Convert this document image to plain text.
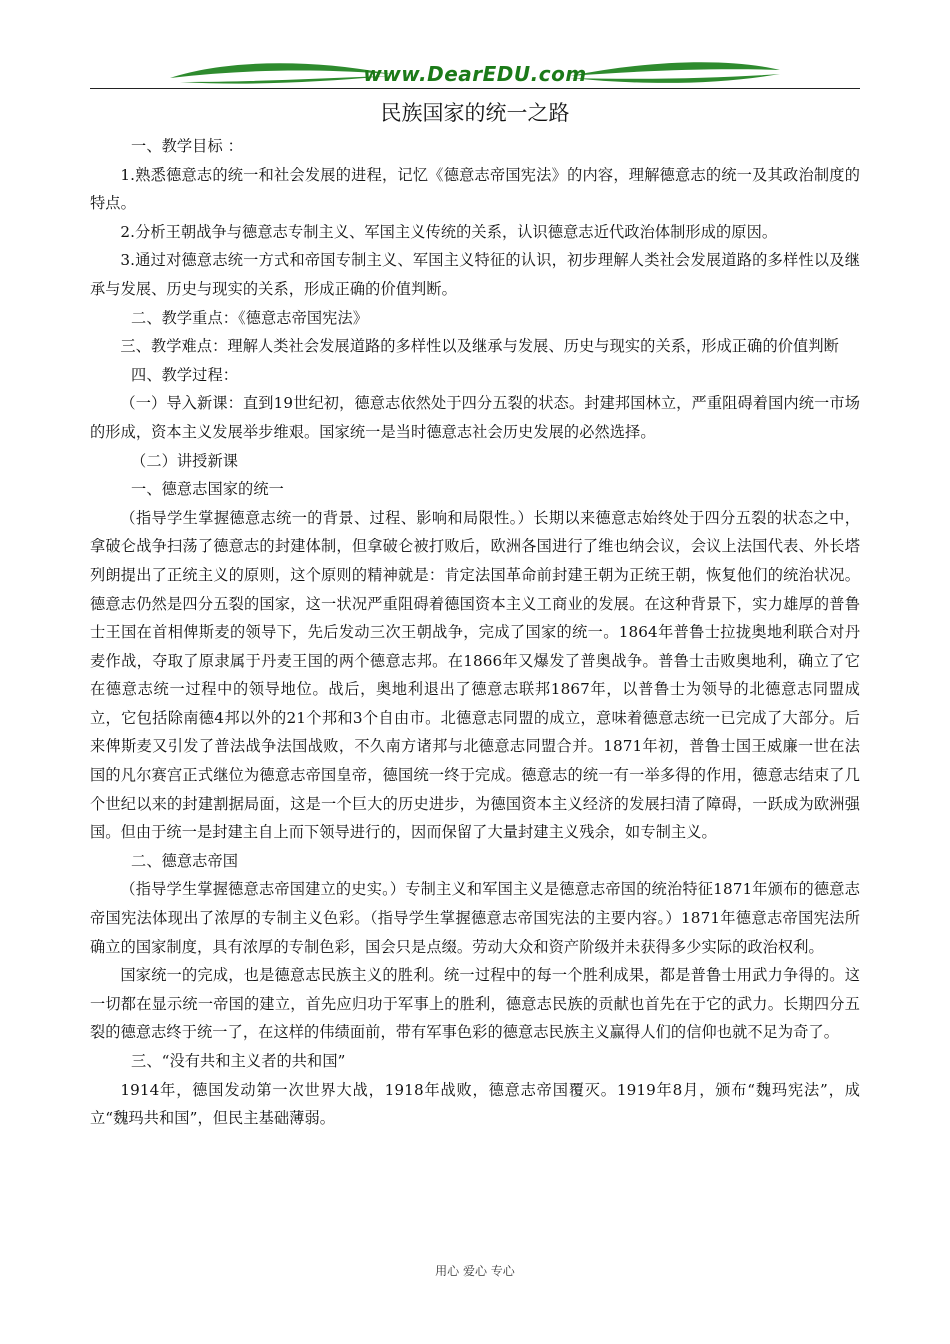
www.DearEDU.com
民族国家的统一之路

一、教学目标 ：

1.熟悉德意志的统一和社会发展的进程，记忆《德意志帝国宪法》的内容，理解德意志的统一及其政治制度的特点。

2.分析王朝战争与德意志专制主义、军国主义传统的关系，认识德意志近代政治体制形成的原因。

3.通过对德意志统一方式和帝国专制主义、军国主义特征的认识，初步理解人类社会发展道路的多样性以及继承与发展、历史与现实的关系，形成正确的价值判断。

二、教学重点：《德意志帝国宪法》

三、教学难点：理解人类社会发展道路的多样性以及继承与发展、历史与现实的关系，形成正确的价值判断

四、教学过程：

（一）导入新课：直到19世纪初，德意志依然处于四分五裂的状态。封建邦国林立，严重阻碍着国内统一市场的形成，资本主义发展举步维艰。国家统一是当时德意志社会历史发展的必然选择。

（二）讲授新课

一、德意志国家的统一

（指导学生掌握德意志统一的背景、过程、影响和局限性。）长期以来德意志始终处于四分五裂的状态之中，拿破仑战争扫荡了德意志的封建体制，但拿破仑被打败后，欧洲各国进行了维也纳会议，会议上法国代表、外长塔列朗提出了正统主义的原则，这个原则的精神就是：肯定法国革命前封建王朝为正统王朝，恢复他们的统治状况。德意志仍然是四分五裂的国家，这一状况严重阻碍着德国资本主义工商业的发展。在这种背景下，实力雄厚的普鲁士王国在首相俾斯麦的领导下，先后发动三次王朝战争，完成了国家的统一。1864年普鲁士拉拢奥地利联合对丹麦作战，夺取了原隶属于丹麦王国的两个德意志邦。在1866年又爆发了普奥战争。普鲁士击败奥地利，确立了它在德意志统一过程中的领导地位。战后，奥地利退出了德意志联邦1867年，以普鲁士为领导的北德意志同盟成立，它包括除南德4邦以外的21个邦和3个自由市。北德意志同盟的成立，意味着德意志统一已完成了大部分。后来俾斯麦又引发了普法战争法国战败，不久南方诸邦与北德意志同盟合并。1871年初，普鲁士国王威廉一世在法国的凡尔赛宫正式继位为德意志帝国皇帝，德国统一终于完成。德意志的统一有一举多得的作用，德意志结束了几个世纪以来的封建割据局面，这是一个巨大的历史进步，为德国资本主义经济的发展扫清了障碍，一跃成为欧洲强国。但由于统一是封建主自上而下领导进行的，因而保留了大量封建主义残余，如专制主义。

二、德意志帝国

（指导学生掌握德意志帝国建立的史实。）专制主义和军国主义是德意志帝国的统治特征1871年颁布的德意志帝国宪法体现出了浓厚的专制主义色彩。（指导学生掌握德意志帝国宪法的主要内容。）1871年德意志帝国宪法所确立的国家制度，具有浓厚的专制色彩，国会只是点缀。劳动大众和资产阶级并未获得多少实际的政治权利。

国家统一的完成，也是德意志民族主义的胜利。统一过程中的每一个胜利成果，都是普鲁士用武力争得的。这一切都在显示统一帝国的建立，首先应归功于军事上的胜利，德意志民族的贡献也首先在于它的武力。长期四分五裂的德意志终于统一了，在这样的伟绩面前，带有军事色彩的德意志民族主义赢得人们的信仰也就不足为奇了。

三、“没有共和主义者的共和国”

1914年，德国发动第一次世界大战，1918年战败，德意志帝国覆灭。1919年8月，颁布“魏玛宪法”，成立“魏玛共和国”，但民主基础薄弱。

用心 爱心 专心
